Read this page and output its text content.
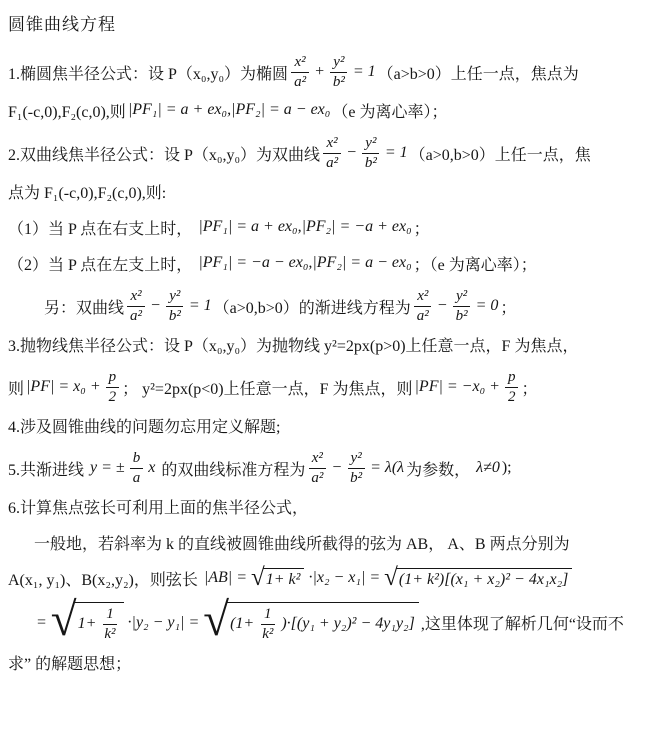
圆锥曲线方程
1.椭圆焦半径公式：设 P（x₀,y₀）为椭圆 $\frac{\text{x²}}{\text{a²}} + \frac{\text{y²}}{\text{b²}} = 1$ （a>b>0）上任一点，焦点为
F₁(-c,0),F₂(c,0),则 |PF₁| = a + ex₀,|PF₂| = a − ex₀ （e 为离心率）；
2.双曲线焦半径公式：设 P（x₀,y₀）为双曲线 $\frac{\text{x²}}{\text{a²}} - \frac{\text{y²}}{\text{b²}} = 1$ （a>0,b>0）上任一点，焦
点为 F₁(-c,0),F₂(c,0),则:
（1）当 P 点在右支上时， |PF₁| = a + ex₀,|PF₂| = −a + ex₀ ；
（2）当 P 点在左支上时， |PF₁| = −a − ex₀,|PF₂| = a − ex₀ ；（e 为离心率）；
另：双曲线 $\frac{\text{x²}}{\text{a²}} - \frac{\text{y²}}{\text{b²}} = 1$ （a>0,b>0）的渐进线方程为 $\frac{\text{x²}}{\text{a²}} - \frac{\text{y²}}{\text{b²}} = 0$ ；
3.抛物线焦半径公式：设 P（x₀,y₀）为抛物线 y²=2px(p>0)上任意一点，F 为焦点，
则 $|PF| = x_0 + \frac{p}{2}$ ； y²=2px(p<0)上任意一点，F 为焦点，则 $|PF| = -x_0 + \frac{p}{2}$ ；
4.涉及圆锥曲线的问题勿忘用定义解题;
5.共渐进线 y = ± $\frac{b}{a}$ x 的双曲线标准方程为 $\frac{\text{x²}}{\text{a²}} - \frac{\text{y²}}{\text{b²}} = \lambda(\lambda$ 为参数， λ≠0 );
6.计算焦点弦长可利用上面的焦半径公式，
一般地，若斜率为 k 的直线被圆锥曲线所截得的弦为 AB， A、B 两点分别为
A(x₁, y₁)、B(x₂,y₂)，则弦长 |AB| = √ 1+ k² ·|x₂ − x₁| = √ (1+ k²)[(x₁ + x₂)² − 4x₁x₂]
= √ $1+ \frac{1}{\text{k²}} \cdot|y_2 - y_1|$ = √ $(1+ \frac{1}{\text{k²}} )\cdot[(y_1 + y_2)^2 - 4y_1y_2]$ ,这里体现了解析几何“设而不
求” 的解题思想；
